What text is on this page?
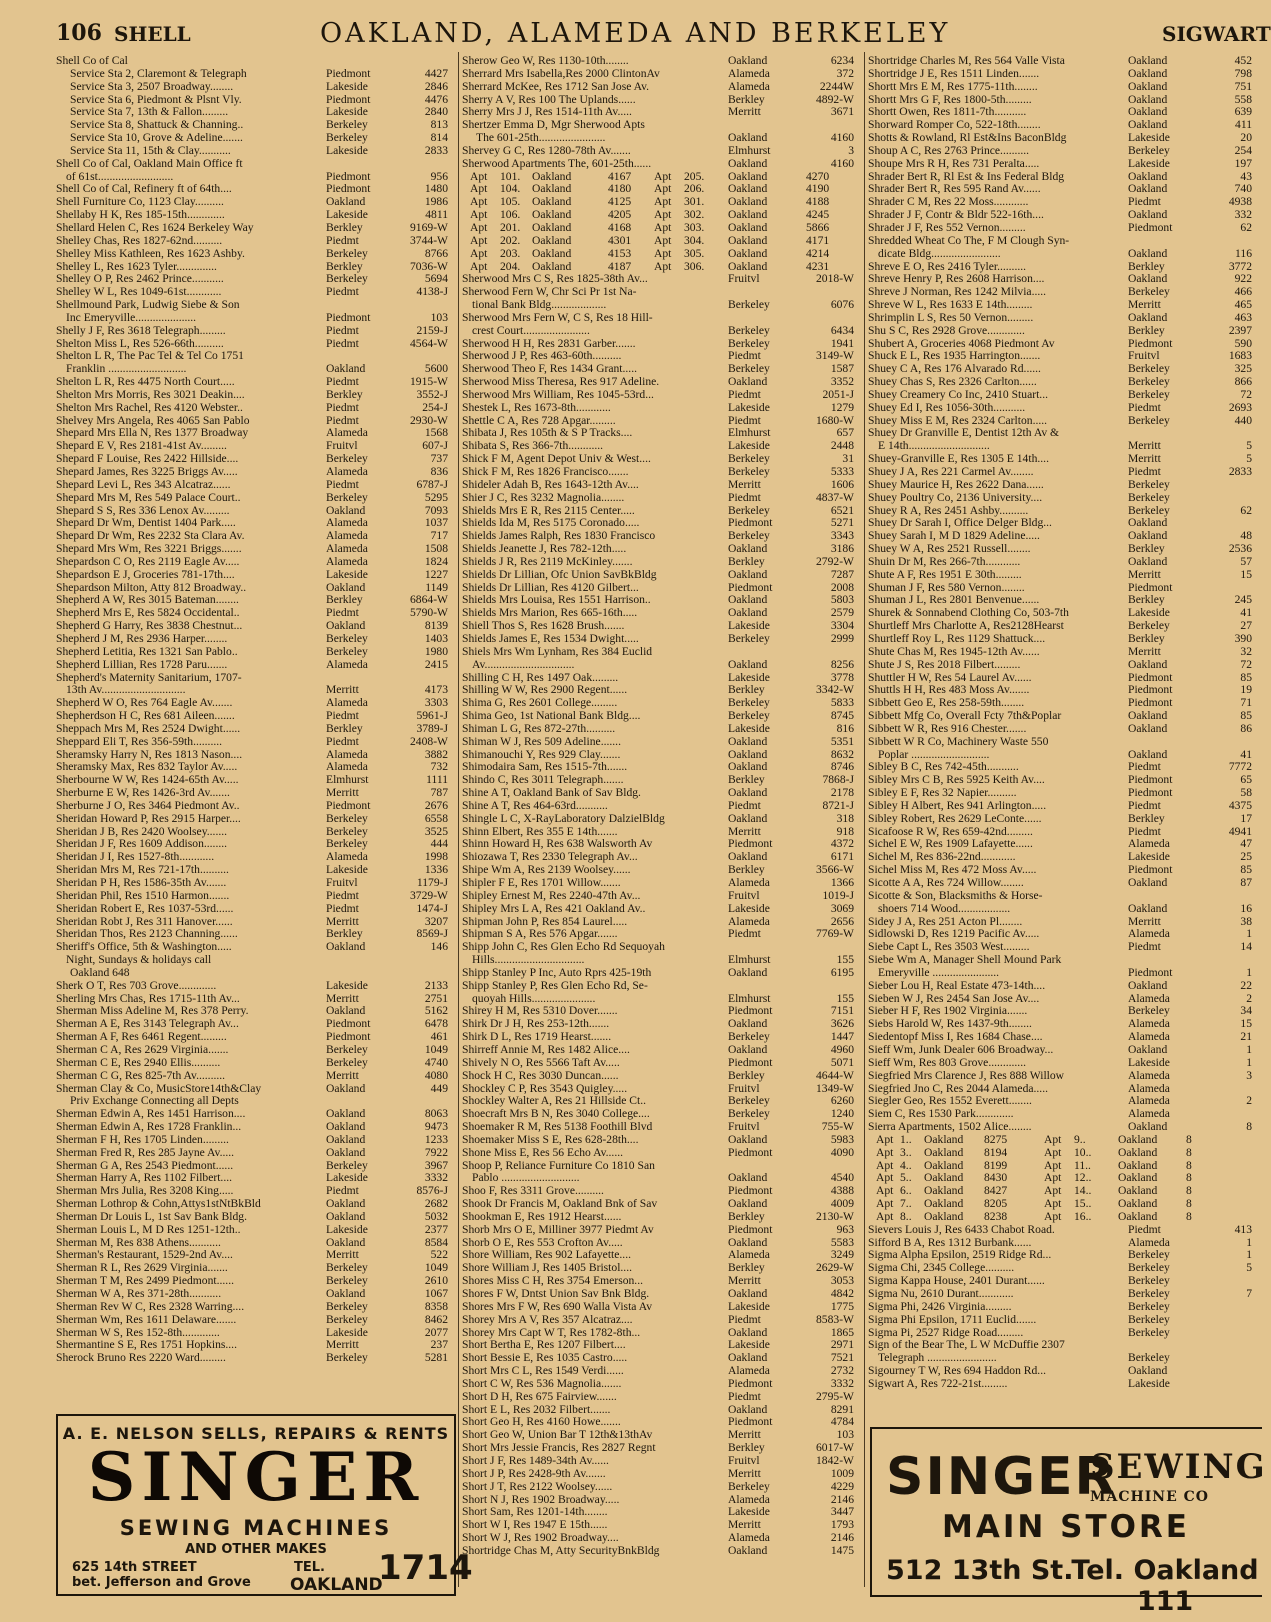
106 SHELL	OAKLAND, ALAMEDA AND BERKELEY	SIGWART
Shell Co of Cal
Service Sta 2, Claremont & Telegraph	Piedmont	4427
Service Sta 3, 2507 Broadway........	Lakeside	2846
Service Sta 6, Piedmont & Plsnt Vly.	Piedmont	4476
Service Sta 7, 13th & Fallon.........	Lakeside	2840
Service Sta 8, Shattuck & Channing..	Berkeley	813
Service Sta 10, Grove & Adeline.......	Berkeley	814
Service Sta 11, 15th & Clay...........	Lakeside	2833
Shell Co of Cal, Oakland Main Office ft
of 61st..........................	Piedmont	956
Shell Co of Cal, Refinery ft of 64th....	Piedmont	1480
Shell Furniture Co, 1123 Clay..........	Oakland	1986
Shellaby H K, Res 185-15th.............	Lakeside	4811
Shellard Helen C, Res 1624 Berkeley Way	Berkley	9169-W
Shelley Chas, Res 1827-62nd..........	Piedmt	3744-W
Shelley Miss Kathleen, Res 1623 Ashby.	Berkeley	8766
Shelley L, Res 1623 Tyler..............	Berkley	7036-W
Shelley O P, Res 2462 Prince...........	Berkeley	5694
Shelley W L, Res 1049-61st............	Piedmt	4138-J
Shellmound Park, Ludwig Siebe & Son
Inc Emeryville.....................	Piedmont	103
Shelly J F, Res 3618 Telegraph.........	Piedmt	2159-J
Shelton Miss L, Res 526-66th..........	Piedmt	4564-W
Shelton L R, The Pac Tel & Tel Co 1751
Franklin ...........................	Oakland	5600
Shelton L R, Res 4475 North Court.....	Piedmt	1915-W
Shelton Mrs Morris, Res 3021 Deakin....	Berkley	3552-J
Shelton Mrs Rachel, Res 4120 Webster..	Piedmt	254-J
Shelvey Mrs Angela, Res 4065 San Pablo	Piedmt	2930-W
Shepard Mrs Ella N, Res 1377 Broadway	Alameda	1568
Shepard E V, Res 2181-41st Av.........	Fruitvl	607-J
Shepard F Louise, Res 2422 Hillside....	Berkeley	737
Shepard James, Res 3225 Briggs Av.....	Alameda	836
Shepard Levi L, Res 343 Alcatraz......	Piedmt	6787-J
Shepard Mrs M, Res 549 Palace Court..	Berkeley	5295
Shepard S S, Res 336 Lenox Av.........	Oakland	7093
Shepard Dr Wm, Dentist 1404 Park.....	Alameda	1037
Shepard Dr Wm, Res 2232 Sta Clara Av.	Alameda	717
Shepard Mrs Wm, Res 3221 Briggs.......	Alameda	1508
Shepardson C O, Res 2119 Eagle Av.....	Alameda	1824
Shepardson E J, Groceries 781-17th....	Lakeside	1227
Shepardson Milton, Atty 812 Broadway..	Oakland	1149
Shepherd A W, Res 3015 Bateman........	Berkley	6864-W
Shepherd Mrs E, Res 5824 Occidental..	Piedmt	5790-W
Shepherd G Harry, Res 3838 Chestnut...	Oakland	8139
Shepherd J M, Res 2936 Harper........	Berkeley	1403
Shepherd Letitia, Res 1321 San Pablo..	Berkeley	1980
Shepherd Lillian, Res 1728 Paru.......	Alameda	2415
Shepherd's Maternity Sanitarium, 1707-
13th Av.............................	Merritt	4173
Shepherd W O, Res 764 Eagle Av.......	Alameda	3303
Shepherdson H C, Res 681 Aileen.......	Piedmt	5961-J
Sheppach Mrs M, Res 2524 Dwight......	Berkley	3789-J
Sheppard Eli T, Res 356-59th..........	Piedmt	2408-W
Sheramsky Harry N, Res 1813 Nason....	Alameda	3882
Sheramsky Max, Res 832 Taylor Av.....	Alameda	732
Sherbourne W W, Res 1424-65th Av.....	Elmhurst	1111
Sherburne E W, Res 1426-3rd Av.......	Merritt	787
Sherburne J O, Res 3464 Piedmont Av..	Piedmont	2676
Sheridan Howard P, Res 2915 Harper....	Berkeley	6558
Sheridan J B, Res 2420 Woolsey.......	Berkeley	3525
Sheridan J F, Res 1609 Addison........	Berkeley	444
Sheridan J I, Res 1527-8th............	Alameda	1998
Sheridan Mrs M, Res 721-17th..........	Lakeside	1336
Sheridan P H, Res 1586-35th Av.......	Fruitvl	1179-J
Sheridan Phil, Res 1510 Harmon.......	Piedmt	3729-W
Sheridan Robert E, Res 1037-53rd......	Piedmt	1474-J
Sheridan Robt J, Res 311 Hanover......	Merritt	3207
Sheridan Thos, Res 2123 Channing......	Berkley	8569-J
Sheriff's Office, 5th & Washington.....	Oakland	146
Night, Sundays & holidays call
Oakland 648
Sherk O T, Res 703 Grove.............	Lakeside	2133
Sherling Mrs Chas, Res 1715-11th Av...	Merritt	2751
Sherman Miss Adeline M, Res 378 Perry.	Oakland	5162
Sherman A E, Res 3143 Telegraph Av...	Piedmont	6478
Sherman A F, Res 6461 Regent.........	Piedmont	461
Sherman C A, Res 2629 Virginia.......	Berkeley	1049
Sherman C E, Res 2940 Ellis..........	Berkeley	4740
Sherman C G, Res 825-7th Av..........	Merritt	4080
Sherman Clay & Co, MusicStore14th&Clay	Oakland	449
Priv Exchange Connecting all Depts
Sherman Edwin A, Res 1451 Harrison....	Oakland	8063
Sherman Edwin A, Res 1728 Franklin...	Oakland	9473
Sherman F H, Res 1705 Linden.........	Oakland	1233
Sherman Fred R, Res 285 Jayne Av.....	Oakland	7922
Sherman G A, Res 2543 Piedmont......	Berkeley	3967
Sherman Harry A, Res 1102 Filbert....	Lakeside	3332
Sherman Mrs Julia, Res 3208 King.....	Piedmt	8576-J
Sherman Lothrop & Cohn,Attys1stNtBkBld	Oakland	2682
Sherman Dr Louis L, 1st Sav Bank Bldg.	Oakland	5032
Sherman Louis L, M D Res 1251-12th..	Lakeside	2377
Sherman M, Res 838 Athens...........	Oakland	8584
Sherman's Restaurant, 1529-2nd Av....	Merritt	522
Sherman R L, Res 2629 Virginia.......	Berkeley	1049
Sherman T M, Res 2499 Piedmont......	Berkeley	2610
Sherman W A, Res 371-28th...........	Oakland	1067
Sherman Rev W C, Res 2328 Warring....	Berkeley	8358
Sherman Wm, Res 1611 Delaware.......	Berkeley	8462
Sherman W S, Res 152-8th.............	Lakeside	2077
Shermantine S E, Res 1751 Hopkins....	Merritt	237
Sherock Bruno Res 2220 Ward.........	Berkeley	5281
Sherow Geo W, Res 1130-10th........	Oakland	6234
Sherrard Mrs Isabella,Res 2000 ClintonAv	Alameda	372
Sherrard McKee, Res 1712 San Jose Av.	Alameda	2244W
Sherry A V, Res 100 The Uplands......	Berkley	4892-W
Sherry Mrs J J, Res 1514-11th Av.....	Merritt	3671
Shertzer Emma D, Mgr Sherwood Apts
The 601-25th.......................	Oakland	4160
Shervey G C, Res 1280-78th Av.......	Elmhurst	3
Sherwood Apartments The, 601-25th......	Oakland	4160
Apt 101. Oakland	4167 Apt 205. Oakland	4270
Apt 104. Oakland	4180 Apt 206. Oakland	4190
Apt 105. Oakland	4125 Apt 301. Oakland	4188
Apt 106. Oakland	4205 Apt 302. Oakland	4245
Apt 201. Oakland	4168 Apt 303. Oakland	5866
Apt 202. Oakland	4301 Apt 304. Oakland	4171
Apt 203. Oakland	4153 Apt 305. Oakland	4214
Apt 204. Oakland	4187 Apt 306. Oakland	4231
Sherwood Mrs C S, Res 1825-38th Av...	Fruitvl	2018-W
Sherwood Fern W, Chr Sci Pr 1st Na-
tional Bank Bldg...................	Berkeley	6076
Sherwood Mrs Fern W, C S, Res 18 Hill-
crest Court.......................	Berkeley	6434
Sherwood H H, Res 2831 Garber.......	Berkeley	1941
Sherwood J P, Res 463-60th..........	Piedmt	3149-W
Sherwood Theo F, Res 1434 Grant.....	Berkeley	1587
Sherwood Miss Theresa, Res 917 Adeline.	Oakland	3352
Sherwood Mrs William, Res 1045-53rd...	Piedmt	2051-J
Shestek L, Res 1673-8th............	Lakeside	1279
Shettle C A, Res 728 Apgar.........	Piedmt	1680-W
Shibata J, Res 105th & S P Tracks....	Elmhurst	657
Shibata S, Res 366-7th............	Lakeside	2448
Shick F M, Agent Depot Univ & West....	Berkeley	31
Shick F M, Res 1826 Francisco.......	Berkeley	5333
Shideler Adah B, Res 1643-12th Av....	Merritt	1606
Shier J C, Res 3232 Magnolia........	Piedmt	4837-W
Shields Mrs E R, Res 2115 Center.....	Berkeley	6521
Shields Ida M, Res 5175 Coronado.....	Piedmont	5271
Shields James Ralph, Res 1830 Francisco	Berkeley	3343
Shields Jeanette J, Res 782-12th.....	Oakland	3186
Shields J R, Res 2119 McKinley.......	Berkley	2792-W
Shields Dr Lillian, Ofc Union SavBkBldg	Oakland	7287
Shields Dr Lillian, Res 4120 Gilbert...	Piedmont	2008
Shields Mrs Louisa, Res 1551 Harrison..	Oakland	5803
Shields Mrs Marion, Res 665-16th.....	Oakland	2579
Shiell Thos S, Res 1628 Brush.......	Lakeside	3304
Shields James E, Res 1534 Dwight.....	Berkeley	2999
Shiels Mrs Wm Lynham, Res 384 Euclid
Av...............................	Oakland	8256
Shilling C H, Res 1497 Oak.........	Lakeside	3778
Shilling W W, Res 2900 Regent......	Berkley	3342-W
Shima G, Res 2601 College.........	Berkeley	5833
Shima Geo, 1st National Bank Bldg....	Berkeley	8745
Shiman L G, Res 872-27th..........	Lakeside	816
Shiman W J, Res 509 Adeline.......	Oakland	5351
Shimanouchi Y, Res 929 Clay.......	Oakland	8632
Shimodaira Sam, Res 1515-7th.......	Oakland	8746
Shindo C, Res 3011 Telegraph.......	Berkley	7868-J
Shine A T, Oakland Bank of Sav Bldg.	Oakland	2178
Shine A T, Res 464-63rd...........	Piedmt	8721-J
Shingle L C, X-RayLaboratory DalzielBldg	Oakland	318
Shinn Elbert, Res 355 E 14th.......	Merritt	918
Shinn Howard H, Res 638 Walsworth Av	Piedmont	4372
Shiozawa T, Res 2330 Telegraph Av...	Oakland	6171
Shipe Wm A, Res 2139 Woolsey......	Berkley	3566-W
Shipler F E, Res 1701 Willow.......	Alameda	1366
Shipley Ernest M, Res 2240-47th Av...	Fruitvl	1019-J
Shipley Mrs L A, Res 421 Oakland Av..	Lakeside	3069
Shipman John P, Res 854 Laurel.....	Alameda	2656
Shipman S A, Res 576 Apgar.......	Piedmt	7769-W
Shipp John C, Res Glen Echo Rd Sequoyah
Hills...............................	Elmhurst	155
Shipp Stanley P Inc, Auto Rprs 425-19th	Oakland	6195
Shipp Stanley P, Res Glen Echo Rd, Se-
quoyah Hills......................	Elmhurst	155
Shirey H M, Res 5310 Dover.......	Piedmont	7151
Shirk Dr J H, Res 253-12th.......	Oakland	3626
Shirk D L, Res 1719 Hearst.......	Berkeley	1447
Shirreff Annie M, Res 1482 Alice....	Oakland	4960
Shively N O, Res 5566 Taft Av.....	Piedmont	5071
Shock H C, Res 3030 Duncan......	Berkley	4644-W
Shockley C P, Res 3543 Quigley.....	Fruitvl	1349-W
Shockley Walter A, Res 21 Hillside Ct..	Berkeley	6260
Shoecraft Mrs B N, Res 3040 College....	Berkeley	1240
Shoemaker R M, Res 5138 Foothill Blvd	Fruitvl	755-W
Shoemaker Miss S E, Res 628-28th....	Oakland	5983
Shone Miss E, Res 56 Echo Av......	Piedmont	4090
Shoop P, Reliance Furniture Co 1810 San
Pablo ...........................	Oakland	4540
Shoo F, Res 3311 Grove..........	Piedmont	4388
Shook Dr Francis M, Oakland Bnk of Sav	Oakland	4009
Shookman E, Res 1912 Hearst......	Berkley	2130-W
Shorb Mrs O E, Milliner 3977 Piedmt Av	Piedmont	963
Shorb O E, Res 553 Crofton Av.....	Oakland	5583
Shore William, Res 902 Lafayette....	Alameda	3249
Shore William J, Res 1405 Bristol....	Berkley	2629-W
Shores Miss C H, Res 3754 Emerson...	Merritt	3053
Shores F W, Dntst Union Sav Bnk Bldg.	Oakland	4842
Shores Mrs F W, Res 690 Walla Vista Av	Lakeside	1775
Shorey Mrs A V, Res 357 Alcatraz....	Piedmt	8583-W
Shorey Mrs Capt W T, Res 1782-8th...	Oakland	1865
Short Bertha E, Res 1207 Filbert....	Lakeside	2971
Short Bessie E, Res 1035 Castro.....	Oakland	7521
Short Mrs C L, Res 1549 Verdi......	Alameda	2732
Short C W, Res 536 Magnolia.......	Piedmont	3332
Short D H, Res 675 Fairview.......	Piedmt	2795-W
Short E L, Res 2032 Filbert.......	Oakland	8291
Short Geo H, Res 4160 Howe.......	Piedmont	4784
Short Geo W, Union Bar T 12th&13thAv	Merritt	103
Short Mrs Jessie Francis, Res 2827 Regnt	Berkley	6017-W
Short J F, Res 1489-34th Av......	Fruitvl	1842-W
Short J P, Res 2428-9th Av.......	Merritt	1009
Short J T, Res 2122 Woolsey......	Berkeley	4229
Short N J, Res 1902 Broadway.....	Alameda	2146
Short Sam, Res 1201-14th........	Lakeside	3447
Short W I, Res 1947 E 15th......	Merritt	1793
Short W J, Res 1902 Broadway....	Alameda	2146
Shortridge Chas M, Atty SecurityBnkBldg	Oakland	1475
Shortridge Charles M, Res 564 Valle Vista	Oakland	452
Shortridge J E, Res 1511 Linden.......	Oakland	798
Shortt Mrs E M, Res 1775-11th........	Oakland	751
Shortt Mrs G F, Res 1800-5th.........	Oakland	558
Shortt Owen, Res 1811-7th...........	Oakland	639
Shorward Romper Co, 522-18th........	Oakland	411
Shotts & Rowland, Rl Est&Ins BaconBldg	Lakeside	20
Shoup A C, Res 2763 Prince..........	Berkeley	254
Shoupe Mrs R H, Res 731 Peralta.....	Lakeside	197
Shrader Bert R, Rl Est & Ins Federal Bldg	Oakland	43
Shrader Bert R, Res 595 Rand Av......	Oakland	740
Shrader C M, Res 22 Moss............	Piedmt	4938
Shrader J F, Contr & Bldr 522-16th....	Oakland	332
Shrader J F, Res 552 Vernon.........	Piedmont	62
Shredded Wheat Co The, F M Clough Syn-
dicate Bldg........................	Oakland	116
Shreve E O, Res 2416 Tyler..........	Berkley	3772
Shreve Henry P, Res 2608 Harrison....	Oakland	922
Shreve J Norman, Res 1242 Milvia.....	Berkeley	466
Shreve W L, Res 1633 E 14th.........	Merritt	465
Shrimplin L S, Res 50 Vernon.........	Oakland	463
Shu S C, Res 2928 Grove.............	Berkley	2397
Shubert A, Groceries 4068 Piedmont Av	Piedmont	590
Shuck E L, Res 1935 Harrington.......	Fruitvl	1683
Shuey C A, Res 176 Alvarado Rd......	Berkeley	325
Shuey Chas S, Res 2326 Carlton......	Berkeley	866
Shuey Creamery Co Inc, 2410 Stuart...	Berkeley	72
Shuey Ed I, Res 1056-30th...........	Piedmt	2693
Shuey Miss E M, Res 2324 Carlton.....	Berkeley	440
Shuey Dr Granville E, Dentist 12th Av &
E 14th............................	Merritt	5
Shuey-Granville E, Res 1305 E 14th....	Merritt	5
Shuey J A, Res 221 Carmel Av........	Piedmt	2833
Shuey Maurice H, Res 2622 Dana......	Berkeley
Shuey Poultry Co, 2136 University....	Berkeley
Shuey R A, Res 2451 Ashby..........	Berkeley	62
Shuey Dr Sarah I, Office Delger Bldg...	Oakland
Shuey Sarah I, M D 1829 Adeline.....	Oakland	48
Shuey W A, Res 2521 Russell........	Berkley	2536
Shuin Dr M, Res 266-7th............	Oakland	57
Shute A F, Res 1951 E 30th.........	Merritt	15
Shuman J F, Res 580 Vernon........	Piedmont
Shuman J L, Res 2801 Benvenue......	Berkley	245
Shurek & Sonnabend Clothing Co, 503-7th	Lakeside	41
Shurtleff Mrs Charlotte A, Res2128Hearst	Berkeley	27
Shurtleff Roy L, Res 1129 Shattuck....	Berkley	390
Shute Chas M, Res 1945-12th Av......	Merritt	32
Shute J S, Res 2018 Filbert.........	Oakland	72
Shuttler H W, Res 54 Laurel Av......	Piedmont	85
Shuttls H H, Res 483 Moss Av.......	Piedmont	19
Sibbett Geo E, Res 258-59th........	Piedmont	71
Sibbett Mfg Co, Overall Fcty 7th&Poplar	Oakland	85
Sibbett W R, Res 916 Chester.......	Oakland	86
Sibbett W R Co, Machinery Waste 550
Poplar ...........................	Oakland	41
Sibley B C, Res 742-45th...........	Piedmt	7772
Sibley Mrs C B, Res 5925 Keith Av....	Piedmont	65
Sibley E F, Res 32 Napier..........	Piedmont	58
Sibley H Albert, Res 941 Arlington.....	Piedmt	4375
Sibley Robert, Res 2629 LeConte......	Berkley	17
Sicafoose R W, Res 659-42nd.........	Piedmt	4941
Sichel E W, Res 1909 Lafayette......	Alameda	47
Sichel M, Res 836-22nd............	Lakeside	25
Sichel Miss M, Res 472 Moss Av.....	Piedmont	85
Sicotte A A, Res 724 Willow........	Oakland	87
Sicotte & Son, Blacksmiths & Horse-
shoers 714 Wood..................	Oakland	16
Sidey J A, Res 251 Acton Pl........	Merritt	38
Sidlowski D, Res 1219 Pacific Av.....	Alameda	1
Siebe Capt L, Res 3503 West.........	Piedmt	14
Siebe Wm A, Manager Shell Mound Park
Emeryville .......................	Piedmont	1
Sieber Lou H, Real Estate 473-14th....	Oakland	22
Sieben W J, Res 2454 San Jose Av....	Alameda	2
Sieber H F, Res 1902 Virginia.......	Berkeley	34
Siebs Harold W, Res 1437-9th........	Alameda	15
Siedentopf Miss I, Res 1684 Chase....	Alameda	21
Sieff Wm, Junk Dealer 606 Broadway...	Oakland	1
Sieff Wm, Res 803 Grove.............	Lakeside	1
Siegfried Mrs Clarence J, Res 888 Willow	Alameda	3
Siegfried Jno C, Res 2044 Alameda.....	Alameda
Siegler Geo, Res 1552 Everett........	Alameda	2
Siem C, Res 1530 Park.............	Alameda
Sierra Apartments, 1502 Alice........	Oakland	8
Apt 1.. Oakland 8275	Apt 9..	Oakland 8
Apt 3.. Oakland 8194	Apt 10.. Oakland 8
Apt 4.. Oakland 8199	Apt 11.. Oakland 8
Apt 5.. Oakland 8430	Apt 12.. Oakland 8
Apt 6.. Oakland 8427	Apt 14.. Oakland 8
Apt 7.. Oakland 8205	Apt 15.. Oakland 8
Apt 8.. Oakland 8238	Apt 16.. Oakland 8
Sievers Louis J, Res 6433 Chabot Road.	Piedmt	413
Sifford B A, Res 1312 Burbank......	Alameda	1
Sigma Alpha Epsilon, 2519 Ridge Rd...	Berkeley	1
Sigma Chi, 2345 College..........	Berkeley	5
Sigma Kappa House, 2401 Durant......	Berkeley
Sigma Nu, 2610 Durant............	Berkeley	7
Sigma Phi, 2426 Virginia.........	Berkeley
Sigma Phi Epsilon, 1711 Euclid.......	Berkeley
Sigma Pi, 2527 Ridge Road.........	Berkeley
Sign of the Bear The, L W McDuffie 2307
Telegraph ........................	Berkeley
Sigourney T W, Res 694 Haddon Rd...	Oakland
Sigwart A, Res 722-21st.........	Lakeside
A. E. NELSON SELLS, REPAIRS & RENTS
SINGER
SEWING MACHINES
AND OTHER MAKES
625 14th STREET
bet. Jefferson and Grove
TEL.
OAKLAND
1714
SINGER
SEWING
MACHINE CO
MAIN STORE
512 13th St.
Tel. Oakland 111
